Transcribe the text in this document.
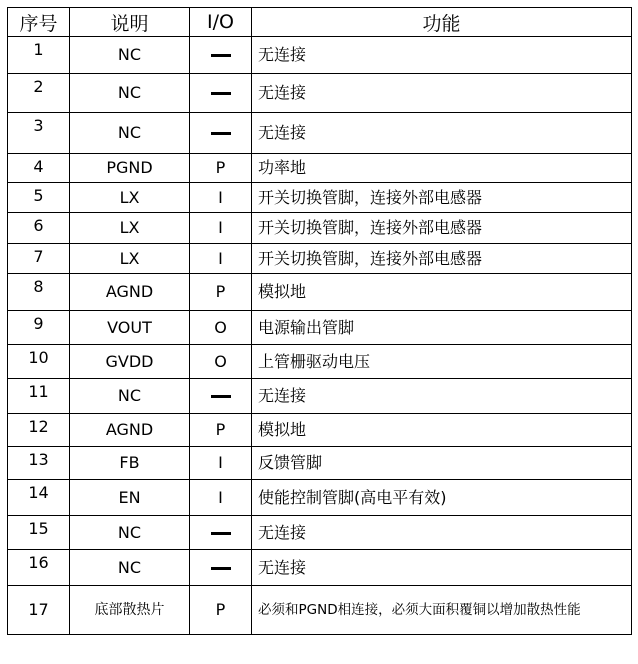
序号	说明	I/O	功能
1	NC		无连接
2	NC		无连接
3	NC		无连接
4	PGND	P	功率地
5	LX	I	开关切换管脚，连接外部电感器
6	LX	I	开关切换管脚，连接外部电感器
7	LX	I	开关切换管脚，连接外部电感器
8	AGND	P	模拟地
9	VOUT	O	电源输出管脚
10	GVDD	O	上管栅驱动电压
11	NC		无连接
12	AGND	P	模拟地
13	FB	I	反馈管脚
14	EN	I	使能控制管脚(高电平有效)
15	NC		无连接
16	NC		无连接
17	底部散热片	P	必须和PGND相连接，必须大面积覆铜以增加散热性能
